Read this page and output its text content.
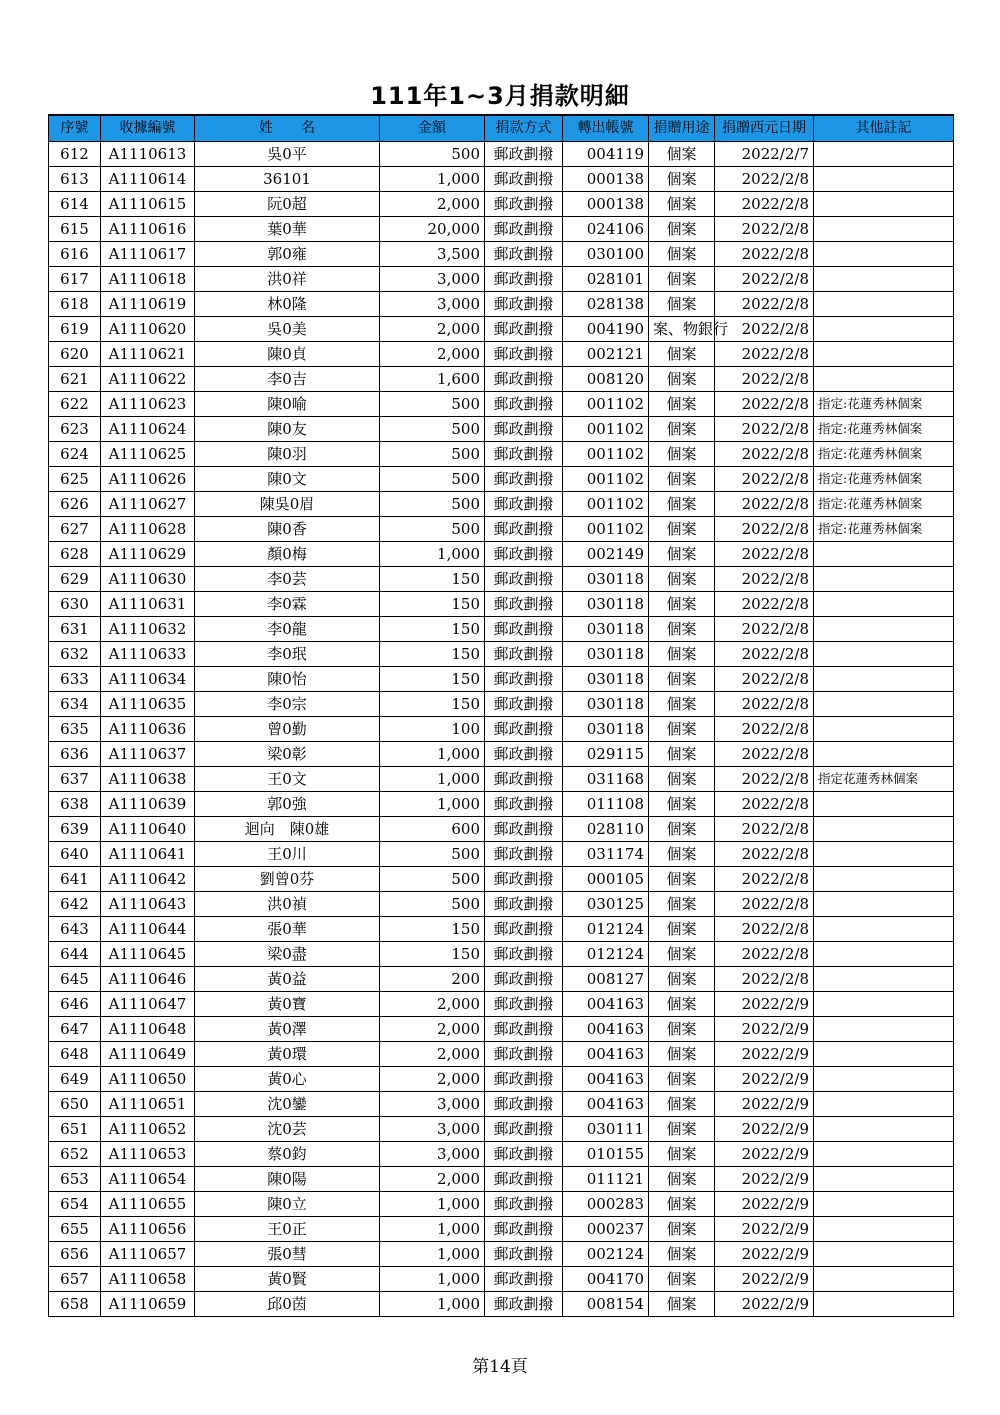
111年1~3月捐款明細
序號	收據編號	姓　　名	金額	捐款方式	轉出帳號	捐贈用途	捐贈西元日期	其他註記
612	A1110613	吳0平	500	郵政劃撥	004119	個案	2022/2/7	
613	A1110614	36101	1,000	郵政劃撥	000138	個案	2022/2/8	
614	A1110615	阮0超	2,000	郵政劃撥	000138	個案	2022/2/8	
615	A1110616	葉0華	20,000	郵政劃撥	024106	個案	2022/2/8	
616	A1110617	郭0雍	3,500	郵政劃撥	030100	個案	2022/2/8	
617	A1110618	洪0祥	3,000	郵政劃撥	028101	個案	2022/2/8	
618	A1110619	林0隆	3,000	郵政劃撥	028138	個案	2022/2/8	
619	A1110620	吳0美	2,000	郵政劃撥	004190	案、物銀行	2022/2/8	
620	A1110621	陳0貞	2,000	郵政劃撥	002121	個案	2022/2/8	
621	A1110622	李0吉	1,600	郵政劃撥	008120	個案	2022/2/8	
622	A1110623	陳0喻	500	郵政劃撥	001102	個案	2022/2/8	指定:花蓮秀林個案
623	A1110624	陳0友	500	郵政劃撥	001102	個案	2022/2/8	指定:花蓮秀林個案
624	A1110625	陳0羽	500	郵政劃撥	001102	個案	2022/2/8	指定:花蓮秀林個案
625	A1110626	陳0文	500	郵政劃撥	001102	個案	2022/2/8	指定:花蓮秀林個案
626	A1110627	陳吳0眉	500	郵政劃撥	001102	個案	2022/2/8	指定:花蓮秀林個案
627	A1110628	陳0香	500	郵政劃撥	001102	個案	2022/2/8	指定:花蓮秀林個案
628	A1110629	顏0梅	1,000	郵政劃撥	002149	個案	2022/2/8	
629	A1110630	李0芸	150	郵政劃撥	030118	個案	2022/2/8	
630	A1110631	李0霖	150	郵政劃撥	030118	個案	2022/2/8	
631	A1110632	李0龍	150	郵政劃撥	030118	個案	2022/2/8	
632	A1110633	李0珉	150	郵政劃撥	030118	個案	2022/2/8	
633	A1110634	陳0怡	150	郵政劃撥	030118	個案	2022/2/8	
634	A1110635	李0宗	150	郵政劃撥	030118	個案	2022/2/8	
635	A1110636	曾0勤	100	郵政劃撥	030118	個案	2022/2/8	
636	A1110637	梁0彰	1,000	郵政劃撥	029115	個案	2022/2/8	
637	A1110638	王0文	1,000	郵政劃撥	031168	個案	2022/2/8	指定花蓮秀林個案
638	A1110639	郭0強	1,000	郵政劃撥	011108	個案	2022/2/8	
639	A1110640	迴向　陳0雄	600	郵政劃撥	028110	個案	2022/2/8	
640	A1110641	王0川	500	郵政劃撥	031174	個案	2022/2/8	
641	A1110642	劉曾0芬	500	郵政劃撥	000105	個案	2022/2/8	
642	A1110643	洪0禎	500	郵政劃撥	030125	個案	2022/2/8	
643	A1110644	張0華	150	郵政劃撥	012124	個案	2022/2/8	
644	A1110645	梁0盡	150	郵政劃撥	012124	個案	2022/2/8	
645	A1110646	黃0益	200	郵政劃撥	008127	個案	2022/2/8	
646	A1110647	黃0寶	2,000	郵政劃撥	004163	個案	2022/2/9	
647	A1110648	黃0澤	2,000	郵政劃撥	004163	個案	2022/2/9	
648	A1110649	黃0環	2,000	郵政劃撥	004163	個案	2022/2/9	
649	A1110650	黃0心	2,000	郵政劃撥	004163	個案	2022/2/9	
650	A1110651	沈0鑾	3,000	郵政劃撥	004163	個案	2022/2/9	
651	A1110652	沈0芸	3,000	郵政劃撥	030111	個案	2022/2/9	
652	A1110653	蔡0鈞	3,000	郵政劃撥	010155	個案	2022/2/9	
653	A1110654	陳0陽	2,000	郵政劃撥	011121	個案	2022/2/9	
654	A1110655	陳0立	1,000	郵政劃撥	000283	個案	2022/2/9	
655	A1110656	王0正	1,000	郵政劃撥	000237	個案	2022/2/9	
656	A1110657	張0彗	1,000	郵政劃撥	002124	個案	2022/2/9	
657	A1110658	黃0賢	1,000	郵政劃撥	004170	個案	2022/2/9	
658	A1110659	邱0茵	1,000	郵政劃撥	008154	個案	2022/2/9	
第14頁
